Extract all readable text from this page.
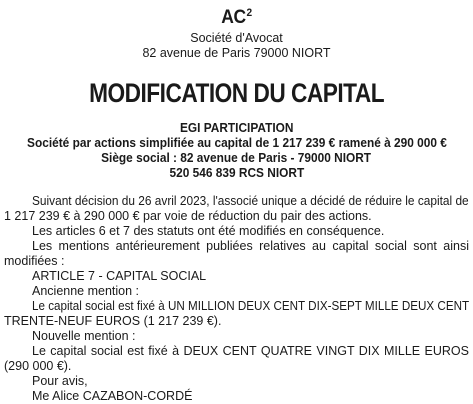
$AC^2$
Société d'Avocat
82 avenue de Paris 79000 NIORT
MODIFICATION DU CAPITAL
EGI PARTICIPATION
Société par actions simplifiée au capital de 1 217 239 € ramené à 290 000 €
Siège social : 82 avenue de Paris - 79000 NIORT
520 546 839 RCS NIORT
Suivant décision du 26 avril 2023, l'associé unique a décidé de réduire le capital de
1 217 239 € à 290 000 € par voie de réduction du pair des actions.
Les articles 6 et 7 des statuts ont été modifiés en conséquence.
Les mentions antérieurement publiées relatives au capital social sont ainsi
modifiées :
ARTICLE 7 - CAPITAL SOCIAL
Ancienne mention :
Le capital social est fixé à UN MILLION DEUX CENT DIX-SEPT MILLE DEUX CENT
TRENTE-NEUF EUROS (1 217 239 €).
Nouvelle mention :
Le capital social est fixé à DEUX CENT QUATRE VINGT DIX MILLE EUROS
(290 000 €).
Pour avis,
Me Alice CAZABON-CORDÉ
